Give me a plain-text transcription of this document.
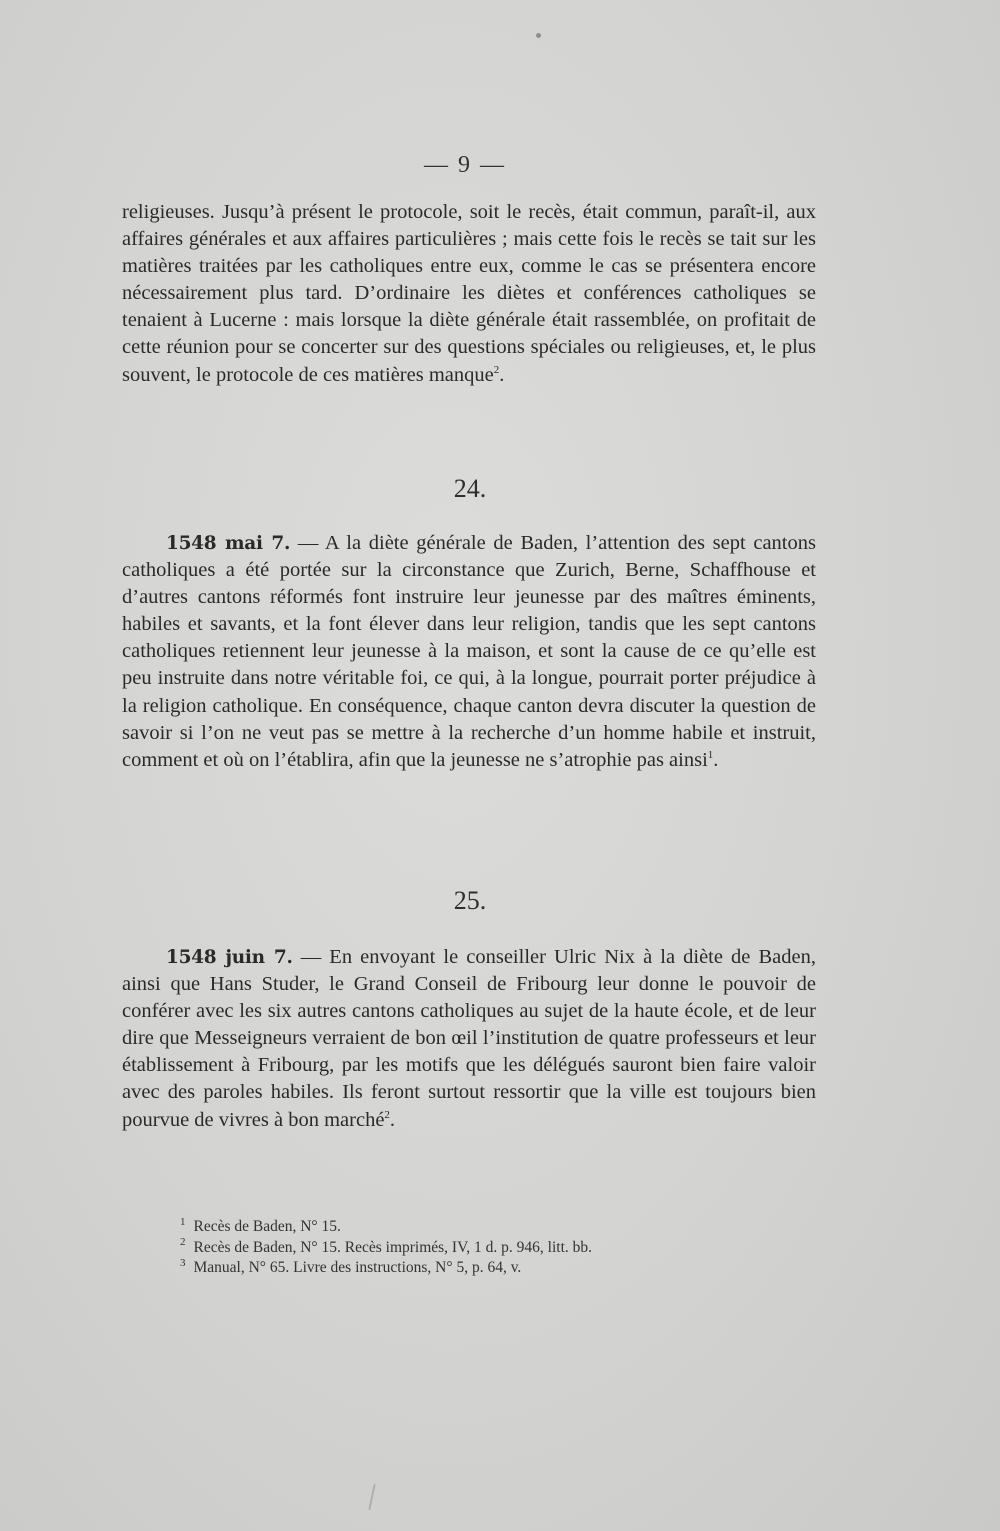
— 9 —

religieuses. Jusqu’à présent le protocole, soit le recès, était commun, paraît-il, aux affaires générales et aux affaires particulières ; mais cette fois le recès se tait sur les matières traitées par les catholiques entre eux, comme le cas se présentera encore nécessairement plus tard. D’ordinaire les diètes et conférences catholiques se tenaient à Lucerne : mais lorsque la diète générale était rassemblée, on profitait de cette réunion pour se concerter sur des questions spéciales ou religieuses, et, le plus souvent, le protocole de ces matières manque$^2$.

24.

1548 mai 7. — A la diète générale de Baden, l’attention des sept cantons catholiques a été portée sur la circonstance que Zurich, Berne, Schaffhouse et d’autres cantons réformés font instruire leur jeunesse par des maîtres éminents, habiles et savants, et la font élever dans leur religion, tandis que les sept cantons catholiques retiennent leur jeunesse à la maison, et sont la cause de ce qu’elle est peu instruite dans notre véritable foi, ce qui, à la longue, pourrait porter préjudice à la religion catholique. En conséquence, chaque canton devra discuter la question de savoir si l’on ne veut pas se mettre à la recherche d’un homme habile et instruit, comment et où on l’établira, afin que la jeunesse ne s’atrophie pas ainsi$^1$.

25.

1548 juin 7. — En envoyant le conseiller Ulric Nix à la diète de Baden, ainsi que Hans Studer, le Grand Conseil de Fribourg leur donne le pouvoir de conférer avec les six autres cantons catholiques au sujet de la haute école, et de leur dire que Messeigneurs verraient de bon œil l’institution de quatre professeurs et leur établissement à Fribourg, par les motifs que les délégués sauront bien faire valoir avec des paroles habiles. Ils feront surtout ressortir que la ville est toujours bien pourvue de vivres à bon marché$^2$.

$^1$ Recès de Baden, N° 15.
$^2$ Recès de Baden, N° 15. Recès imprimés, IV, 1 d. p. 946, litt. bb.
$^3$ Manual, N° 65. Livre des instructions, N° 5, p. 64, v.
